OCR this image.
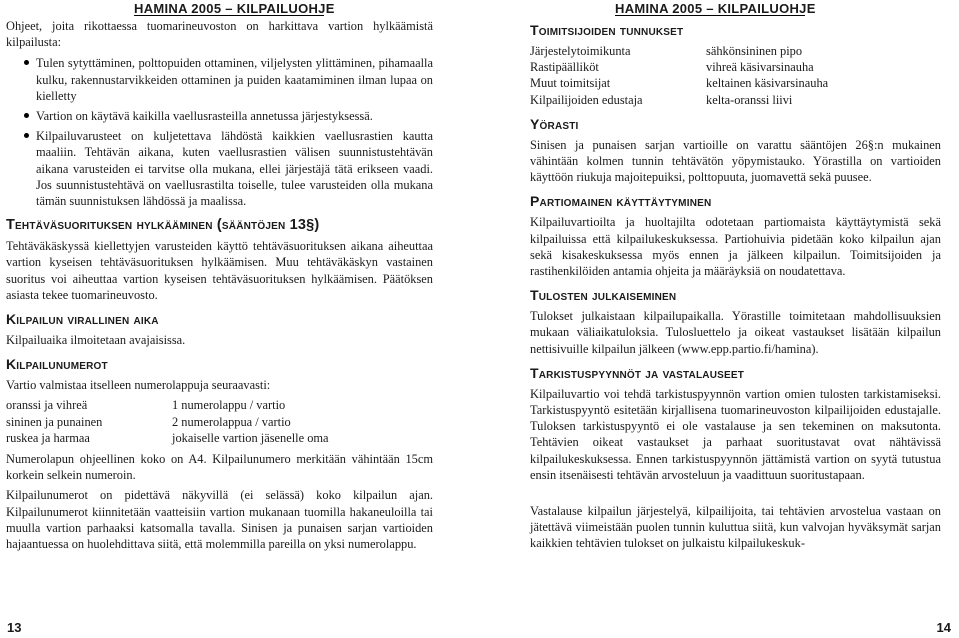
HAMINA 2005 – KILPAILUOHJE

Ohjeet, joita rikottaessa tuomarineuvoston on harkittava vartion hylkäämistä kilpailusta:

Tulen sytyttäminen, polttopuiden ottaminen, viljelysten ylittäminen, pihamaalla kulku, rakennustarvikkeiden ottaminen ja puiden kaatamiminen ilman lupaa on kielletty
Vartion on käytävä kaikilla vaellusrasteilla annetussa järjestyksessä.
Kilpailuvarusteet on kuljetettava lähdöstä kaikkien vaellusrastien kautta maaliin. Tehtävän aikana, kuten vaellusrastien välisen suunnistustehtävän aikana varusteiden ei tarvitse olla mukana, ellei järjestäjä tätä erikseen vaadi. Jos suunnistustehtävä on vaellusrastilta toiselle, tulee varusteiden olla mukana tämän suunnistuksen lähdössä ja maalissa.
Tehtäväsuorituksen hylkääminen (sääntöjen 13§)

Tehtäväkäskyssä kiellettyjen varusteiden käyttö tehtäväsuorituksen aikana aiheuttaa vartion kyseisen tehtäväsuorituksen hylkäämisen. Muu tehtäväkäskyn vastainen suoritus voi aiheuttaa vartion kyseisen tehtäväsuorituksen hylkäämisen. Päätöksen asiasta tekee tuomarineuvosto.

Kilpailun virallinen aika

Kilpailuaika ilmoitetaan avajaisissa.

Kilpailunumerot

Vartio valmistaa itselleen numerolappuja seuraavasti:

oranssi ja vihreä	1 numerolappu / vartio
sininen ja punainen	2 numerolappua / vartio
ruskea ja harmaa	jokaiselle vartion jäsenelle oma

Numerolapun ohjeellinen koko on A4. Kilpailunumero merkitään vähintään 15cm korkein selkein numeroin.

Kilpailunumerot on pidettävä näkyvillä (ei selässä) koko kilpailun ajan. Kilpailunumerot kiinnitetään vaatteisiin vartion mukanaan tuomilla hakaneuloilla tai muulla vartion parhaaksi katsomalla tavalla. Sinisen ja punaisen sarjan vartioiden hajaantuessa on huolehdittava siitä, että molemmilla pareilla on yksi numerolappu.

13
HAMINA 2005 – KILPAILUOHJE
Toimitsijoiden tunnukset
Järjestelytoimikunta	sähkönsininen pipo
Rastipäälliköt	vihreä käsivarsinauha
Muut toimitsijat	keltainen käsivarsinauha
Kilpailijoiden edustaja	kelta-oranssi liivi
Yörasti

Sinisen ja punaisen sarjan vartioille on varattu sääntöjen 26§:n mukainen vähintään kolmen tunnin tehtävätön yöpymistauko. Yörastilla on vartioiden käyttöön riukuja majoitepuiksi, polttopuuta, juomavettä sekä puusee.

Partiomainen käyttäytyminen

Kilpailuvartioilta ja huoltajilta odotetaan partiomaista käyttäytymistä sekä kilpailuissa että kilpailukeskuksessa. Partiohuivia pidetään koko kilpailun ajan sekä kisakeskuksessa myös ennen ja jälkeen kilpailun. Toimitsijoiden ja rastihenkilöiden antamia ohjeita ja määräyksiä on noudatettava.

Tulosten julkaiseminen

Tulokset julkaistaan kilpailupaikalla. Yörastille toimitetaan mahdollisuuksien mukaan väliaikatuloksia. Tulosluettelo ja oikeat vastaukset lisätään kilpailun nettisivuille kilpailun jälkeen (www.epp.partio.fi/hamina).

Tarkistuspyynnöt ja vastalauseet

Kilpailuvartio voi tehdä tarkistuspyynnön vartion omien tulosten tarkistamiseksi. Tarkistuspyyntö esitetään kirjallisena tuomarineuvoston kilpailijoiden edustajalle. Tuloksen tarkistuspyyntö ei ole vastalause ja sen tekeminen on maksutonta. Tehtävien oikeat vastaukset ja parhaat suoritustavat ovat nähtävissä kilpailukeskuksessa. Ennen tarkistuspyynnön jättämistä vartion on syytä tutustua ensin itsenäisesti tehtävän arvosteluun ja vaadittuun suoritustapaan.

Vastalause kilpailun järjestelyä, kilpailijoita, tai tehtävien arvostelua vastaan on jätettävä viimeistään puolen tunnin kuluttua siitä, kun valvojan hyväksymät sarjan kaikkien tehtävien tulokset on julkaistu kilpailukeskuk-

14
